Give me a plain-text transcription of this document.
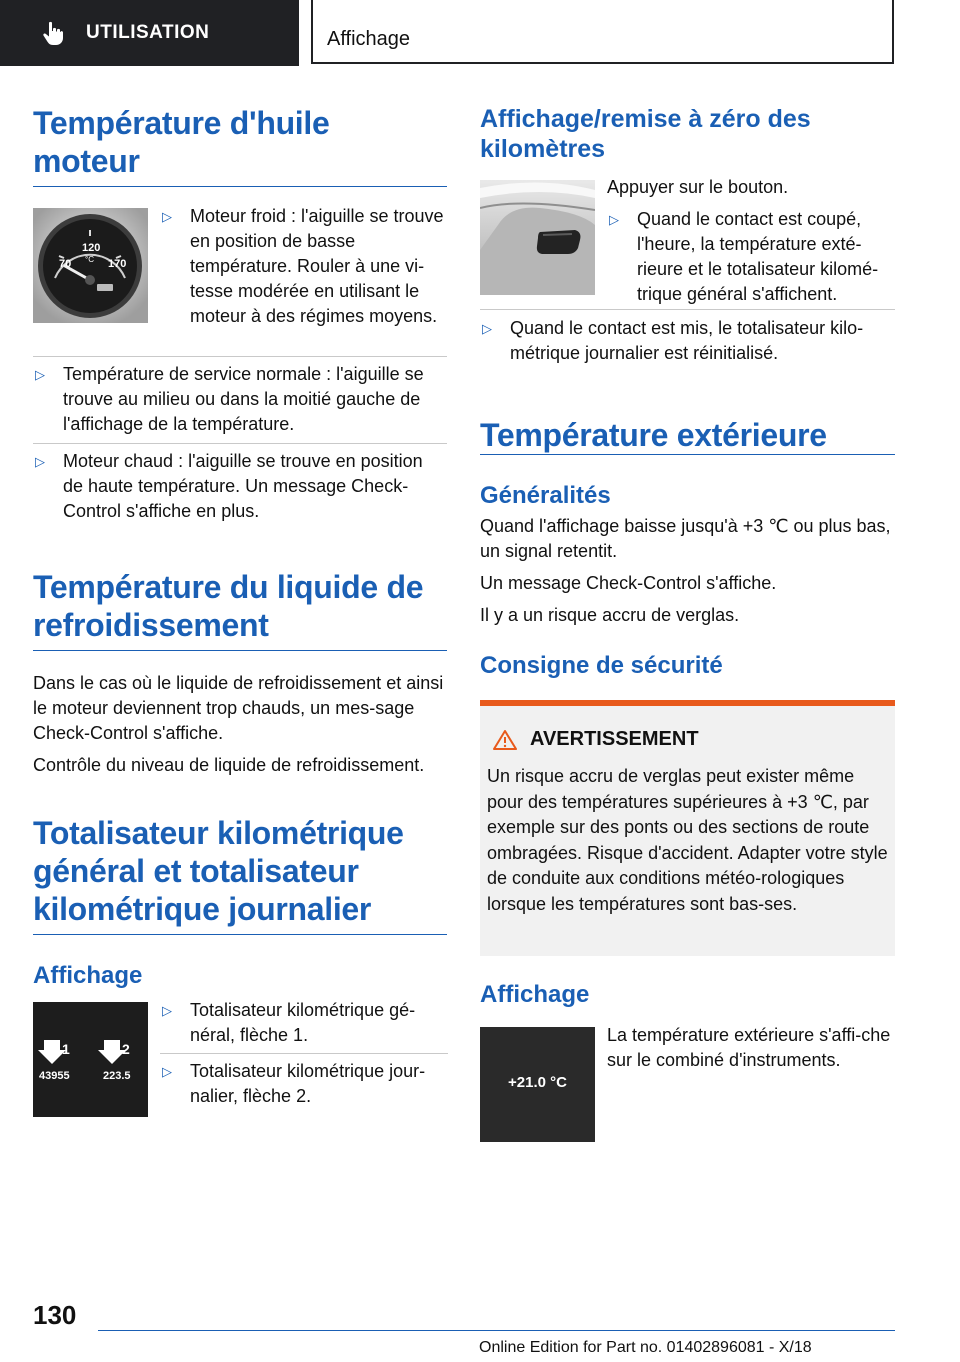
UTILISATION	Affichage
Température d'huile moteur
70
120
°C 170
▷	Moteur froid : l'aiguille se trouve en position de basse température. Rouler à une vi-tesse modérée en utilisant le moteur à des régimes moyens.
▷	Température de service normale : l'aiguille se trouve au milieu ou dans la moitié gauche de l'affichage de la température.
▷	Moteur chaud : l'aiguille se trouve en position de haute température. Un message Check-Control s'affiche en plus.
Température du liquide de refroidissement

Dans le cas où le liquide de refroidissement et ainsi le moteur deviennent trop chauds, un mes-sage Check-Control s'affiche.

Contrôle du niveau de liquide de refroidissement.

Totalisateur kilométrique général et totalisateur kilométrique journalier
Affichage
1	2
43955	223.5
▷	Totalisateur kilométrique gé-néral, flèche 1.
▷	Totalisateur kilométrique jour-nalier, flèche 2.
Affichage/remise à zéro des kilomètres

Appuyer sur le bouton.

▷	Quand le contact est coupé, l'heure, la température exté-rieure et le totalisateur kilomé-trique général s'affichent.
▷	Quand le contact est mis, le totalisateur kilo-métrique journalier est réinitialisé.
Température extérieure
Généralités

Quand l'affichage baisse jusqu'à +3 ℃ ou plus bas, un signal retentit.

Un message Check-Control s'affiche.

Il y a un risque accru de verglas.

Consigne de sécurité
AVERTISSEMENT
Un risque accru de verglas peut exister même pour des températures supérieures à +3 ℃, par exemple sur des ponts ou des sections de route ombragées. Risque d'accident. Adapter votre style de conduite aux conditions météo-rologiques lorsque les températures sont bas-ses.
Affichage
+21.0 °C

La température extérieure s'affi-che sur le combiné d'instruments.

130
Online Edition for Part no. 01402896081 - X/18
